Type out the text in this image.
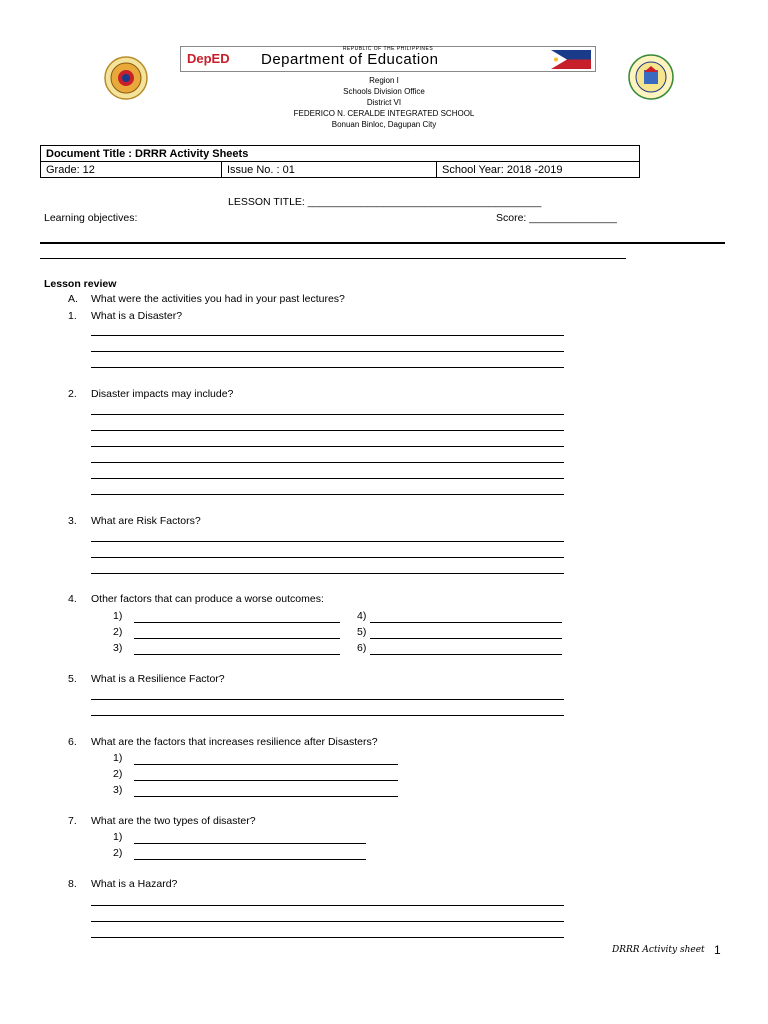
REPUBLIC OF THE PHILIPPINES
DepED Department of Education
Region I
Schools Division Office
District VI
FEDERICO N. CERALDE INTEGRATED SCHOOL
Bonuan Binloc, Dagupan City
Document Title : DRRR Activity Sheets
Grade: 12	Issue No. : 01	School Year: 2018 -2019
LESSON TITLE: ________________________________________
Learning objectives:	Score: _______________
Lesson review
A. What were the activities you had in your past lectures?
1. What is a Disaster?
2. Disaster impacts may include?
3. What are Risk Factors?
4. Other factors that can produce a worse outcomes:
1)	4)
2)	5)
3)	6)
5. What is a Resilience Factor?
6. What are the factors that increases resilience after Disasters?
1)
2)
3)
7. What are the two types of disaster?
1)
2)
8. What is a Hazard?
DRRR Activity sheet 1
